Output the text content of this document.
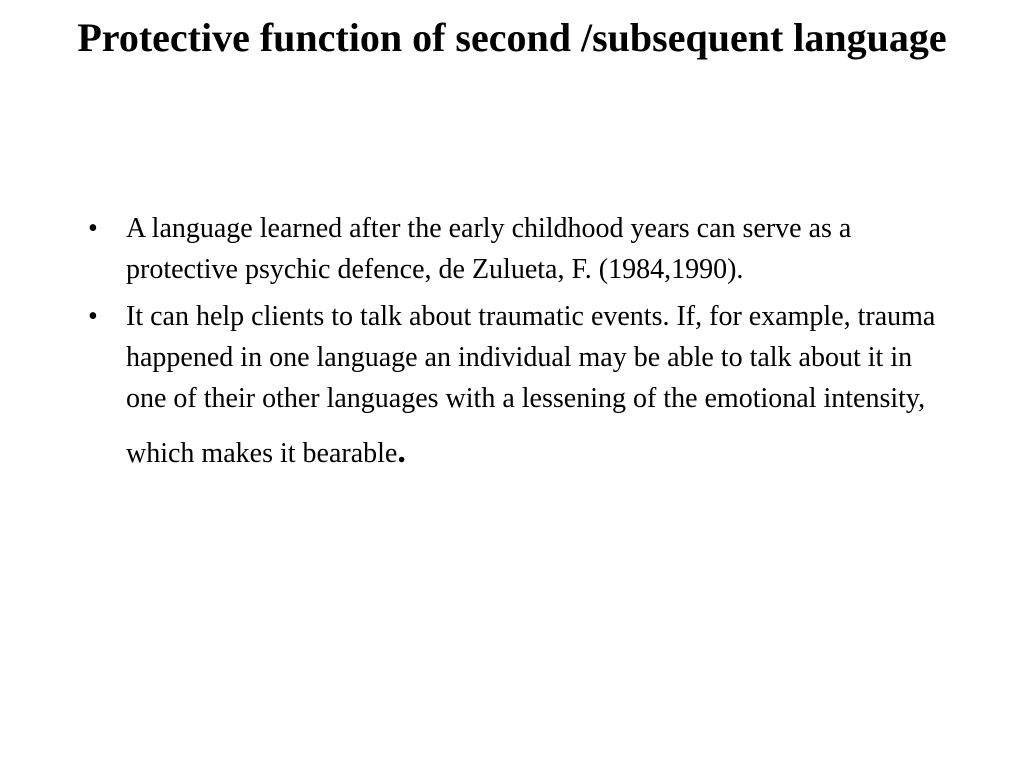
Protective function of second /subsequent language
• A language learned after the early childhood years can serve as a protective psychic defence, de Zulueta, F. (1984,1990).
• It can help clients to talk about traumatic events. If, for example, trauma happened in one language an individual may be able to talk about it in one of their other languages with a lessening of the emotional intensity, which makes it bearable.
